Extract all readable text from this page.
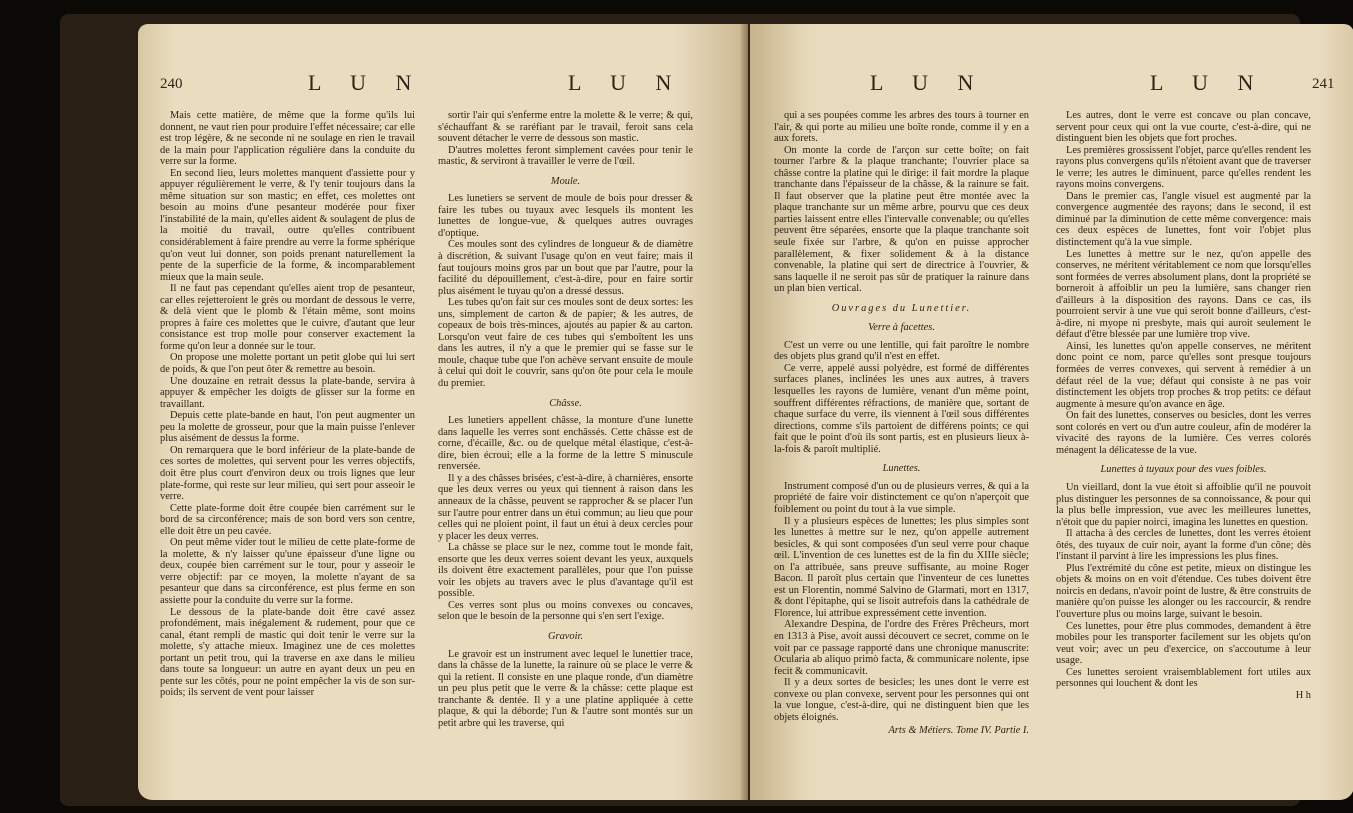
240	L U N	L U N

Mais cette matière, de même que la forme qu'ils lui donnent, ne vaut rien pour produire l'effet nécessaire; car elle est trop légère, & ne seconde ni ne soulage en rien le travail de la main pour l'application régulière dans la conduite du verre sur la forme.

En second lieu, leurs molettes manquent d'assiette pour y appuyer régulièrement le verre, & l'y tenir toujours dans la même situation sur son mastic; en effet, ces molettes ont besoin au moins d'une pesanteur modérée pour fixer l'instabilité de la main, qu'elles aident & soulagent de plus de la moitié du travail, outre qu'elles contribuent considérablement à faire prendre au verre la forme sphérique qu'on veut lui donner, son poids prenant naturellement la pente de la superficie de la forme, & incomparablement mieux que la main seule.

Il ne faut pas cependant qu'elles aient trop de pesanteur, car elles rejetteroient le grès ou mordant de dessous le verre, & delà vient que le plomb & l'étain même, sont moins propres à faire ces molettes que le cuivre, d'autant que leur consistance est trop molle pour conserver exactement la forme qu'on leur a donnée sur le tour.

On propose une molette portant un petit globe qui lui sert de poids, & que l'on peut ôter & remettre au besoin.

Une douzaine en retrait dessus la plate-bande, servira à appuyer & empêcher les doigts de glisser sur la forme en travaillant.

Depuis cette plate-bande en haut, l'on peut augmenter un peu la molette de grosseur, pour que la main puisse l'enlever plus aisément de dessus la forme.

On remarquera que le bord inférieur de la plate-bande de ces sortes de molettes, qui servent pour les verres objectifs, doit être plus court d'environ deux ou trois lignes que leur plate-forme, qui reste sur leur milieu, qui sert pour asseoir le verre.

Cette plate-forme doit être coupée bien carrément sur le bord de sa circonférence; mais de son bord vers son centre, elle doit être un peu cavée.

On peut même vider tout le milieu de cette plate-forme de la molette, & n'y laisser qu'une épaisseur d'une ligne ou deux, coupée bien carrément sur le tour, pour y asseoir le verre objectif: par ce moyen, la molette n'ayant de sa pesanteur que dans sa circonférence, est plus ferme en son assiette pour la conduite du verre sur la forme.

Le dessous de la plate-bande doit être cavé assez profondément, mais inégalement & rudement, pour que ce canal, étant rempli de mastic qui doit tenir le verre sur la molette, s'y attache mieux. Imaginez une de ces molettes portant un petit trou, qui la traverse en axe dans le milieu dans toute sa longueur: un autre en ayant deux un peu en pente sur les côtés, pour ne point empêcher la vis de son sur-poids; ils servent de vent pour laisser

sortir l'air qui s'enferme entre la molette & le verre; & qui, s'échauffant & se raréfiant par le travail, feroit sans cela souvent détacher le verre de dessous son mastic.

D'autres molettes feront simplement cavées pour tenir le mastic, & serviront à travailler le verre de l'œil.

Moule.

Les lunetiers se servent de moule de bois pour dresser & faire les tubes ou tuyaux avec lesquels ils montent les lunettes de longue-vue, & quelques autres ouvrages d'optique.

Ces moules sont des cylindres de longueur & de diamètre à discrétion, & suivant l'usage qu'on en veut faire; mais il faut toujours moins gros par un bout que par l'autre, pour la facilité du dépouillement, c'est-à-dire, pour en faire sortir plus aisément le tuyau qu'on a dressé dessus.

Les tubes qu'on fait sur ces moules sont de deux sortes: les uns, simplement de carton & de papier; & les autres, de copeaux de bois très-minces, ajoutés au papier & au carton. Lorsqu'on veut faire de ces tubes qui s'emboîtent les uns dans les autres, il n'y a que le premier qui se fasse sur le moule, chaque tube que l'on achève servant ensuite de moule à celui qui doit le couvrir, sans qu'on ôte pour cela le moule du premier.

Châsse.

Les lunetiers appellent châsse, la monture d'une lunette dans laquelle les verres sont enchâssés. Cette châsse est de corne, d'écaille, &c. ou de quelque métal élastique, c'est-à-dire, bien écroui; elle a la forme de la lettre S minuscule renversée.

Il y a des châsses brisées, c'est-à-dire, à charnières, ensorte que les deux verres ou yeux qui tiennent à raison dans les anneaux de la châsse, peuvent se rapprocher & se placer l'un sur l'autre pour entrer dans un étui commun; au lieu que pour celles qui ne ploient point, il faut un étui à deux cercles pour y placer les deux verres.

La châsse se place sur le nez, comme tout le monde fait, ensorte que les deux verres soient devant les yeux, auxquels ils doivent être exactement parallèles, pour que l'on puisse voir les objets au travers avec le plus d'avantage qu'il est possible.

Ces verres sont plus ou moins convexes ou concaves, selon que le besoin de la personne qui s'en sert l'exige.

Gravoir.

Le gravoir est un instrument avec lequel le lunettier trace, dans la châsse de la lunette, la rainure où se place le verre & qui la retient. Il consiste en une plaque ronde, d'un diamètre un peu plus petit que le verre & la châsse: cette plaque est tranchante & dentée. Il y a une platine appliquée à cette plaque, & qui la déborde; l'un & l'autre sont montés sur un petit arbre qui les traverse, qui

L U N	L U N	241

qui a ses poupées comme les arbres des tours à tourner en l'air, & qui porte au milieu une boîte ronde, comme il y en a aux forets.

On monte la corde de l'arçon sur cette boîte; on fait tourner l'arbre & la plaque tranchante; l'ouvrier place sa châsse contre la platine qui le dirige: il fait mordre la plaque tranchante dans l'épaisseur de la châsse, & la rainure se fait. Il faut observer que la platine peut être montée avec la plaque tranchante sur un même arbre, pourvu que ces deux parties laissent entre elles l'intervalle convenable; ou qu'elles peuvent être séparées, ensorte que la plaque tranchante soit seule fixée sur l'arbre, & qu'on en puisse approcher parallèlement, & fixer solidement & à la distance convenable, la platine qui sert de directrice à l'ouvrier, & sans laquelle il ne seroit pas sûr de pratiquer la rainure dans un plan bien vertical.

Ouvrages du Lunettier.

Verre à facettes.

C'est un verre ou une lentille, qui fait paroître le nombre des objets plus grand qu'il n'est en effet.

Ce verre, appelé aussi polyèdre, est formé de différentes surfaces planes, inclinées les unes aux autres, à travers lesquelles les rayons de lumière, venant d'un même point, souffrent différentes réfractions, de manière que, sortant de chaque surface du verre, ils viennent à l'œil sous différentes directions, comme s'ils partoient de différens points; ce qui fait que le point d'où ils sont partis, est en plusieurs lieux à-la-fois & paroît multiplié.

Lunettes.

Instrument composé d'un ou de plusieurs verres, & qui a la propriété de faire voir distinctement ce qu'on n'aperçoit que foiblement ou point du tout à la vue simple.

Il y a plusieurs espèces de lunettes; les plus simples sont les lunettes à mettre sur le nez, qu'on appelle autrement besicles, & qui sont composées d'un seul verre pour chaque œil. L'invention de ces lunettes est de la fin du XIIIe siècle; on l'a attribuée, sans preuve suffisante, au moine Roger Bacon. Il paroît plus certain que l'inventeur de ces lunettes est un Florentin, nommé Salvino de Glarmati, mort en 1317, & dont l'épitaphe, qui se lisoit autrefois dans la cathédrale de Florence, lui attribue expressément cette invention.

Alexandre Despina, de l'ordre des Frères Prêcheurs, mort en 1313 à Pise, avoit aussi découvert ce secret, comme on le voit par ce passage rapporté dans une chronique manuscrite: Ocularia ab aliquo primò facta, & communicare nolente, ipse fecit & communicavit.

Il y a deux sortes de besicles; les unes dont le verre est convexe ou plan convexe, servent pour les personnes qui ont la vue longue, c'est-à-dire, qui ne distinguent bien que les objets éloignés.

Arts & Métiers. Tome IV. Partie I.

Les autres, dont le verre est concave ou plan concave, servent pour ceux qui ont la vue courte, c'est-à-dire, qui ne distinguent bien les objets que fort proches.

Les premières grossissent l'objet, parce qu'elles rendent les rayons plus convergens qu'ils n'étoient avant que de traverser le verre; les autres le diminuent, parce qu'elles rendent les rayons moins convergens.

Dans le premier cas, l'angle visuel est augmenté par la convergence augmentée des rayons; dans le second, il est diminué par la diminution de cette même convergence: mais ces deux espèces de lunettes, font voir l'objet plus distinctement qu'à la vue simple.

Les lunettes à mettre sur le nez, qu'on appelle des conserves, ne méritent véritablement ce nom que lorsqu'elles sont formées de verres absolument plans, dont la propriété se borneroit à affoiblir un peu la lumière, sans changer rien d'ailleurs à la disposition des rayons. Dans ce cas, ils pourroient servir à une vue qui seroit bonne d'ailleurs, c'est-à-dire, ni myope ni presbyte, mais qui auroit seulement le défaut d'être blessée par une lumière trop vive.

Ainsi, les lunettes qu'on appelle conserves, ne méritent donc point ce nom, parce qu'elles sont presque toujours formées de verres convexes, qui servent à remédier à un défaut réel de la vue; défaut qui consiste à ne pas voir distinctement les objets trop proches & trop petits: ce défaut augmente à mesure qu'on avance en âge.

On fait des lunettes, conserves ou besicles, dont les verres sont colorés en vert ou d'un autre couleur, afin de modérer la vivacité des rayons de la lumière. Ces verres colorés ménagent la délicatesse de la vue.

Lunettes à tuyaux pour des vues foibles.

Un vieillard, dont la vue étoit si affoiblie qu'il ne pouvoit plus distinguer les personnes de sa connoissance, & pour qui la plus belle impression, vue avec les meilleures lunettes, n'étoit que du papier noirci, imagina les lunettes en question.

Il attacha à des cercles de lunettes, dont les verres étoient ôtés, des tuyaux de cuir noir, ayant la forme d'un cône; dès l'instant il parvint à lire les impressions les plus fines.

Plus l'extrémité du cône est petite, mieux on distingue les objets & moins on en voit d'étendue. Ces tubes doivent être noircis en dedans, n'avoir point de lustre, & être construits de manière qu'on puisse les alonger ou les raccourcir, & rendre l'ouverture plus ou moins large, suivant le besoin.

Ces lunettes, pour être plus commodes, demandent à être mobiles pour les transporter facilement sur les objets qu'on veut voir; avec un peu d'exercice, on s'accoutume à leur usage.

Ces lunettes seroient vraisemblablement fort utiles aux personnes qui louchent & dont les

H h
